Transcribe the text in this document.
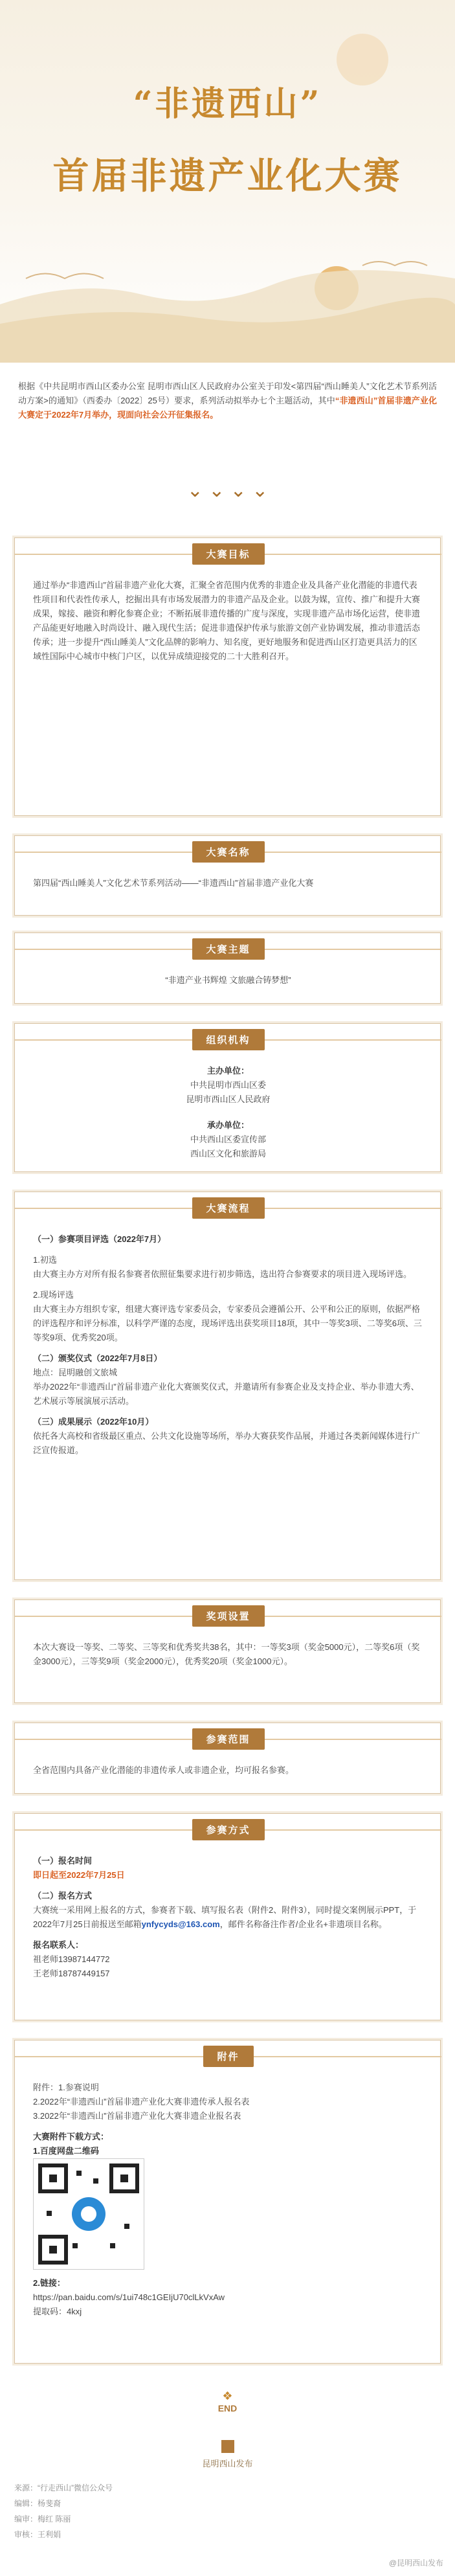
“非遗西山”
首届非遗产业化大赛
根据《中共昆明市西山区委办公室 昆明市西山区人民政府办公室关于印发<第四届“西山睡美人”文化艺术节系列活动方案>的通知》（西委办〔2022〕25号）要求，系列活动拟举办七个主题活动，其中“非遗西山”首届非遗产业化大赛定于2022年7月举办，现面向社会公开征集报名。
⌄ ⌄ ⌄ ⌄
大赛目标
通过举办“非遗西山”首届非遗产业化大赛，汇聚全省范围内优秀的非遗企业及具备产业化潜能的非遗代表性项目和代表性传承人，挖掘出具有市场发展潜力的非遗产品及企业。以鼓为媒，宣传、推广和提升大赛成果，嫁接、融资和孵化参赛企业；不断拓展非遗传播的广度与深度，实现非遗产品市场化运营，使非遗产品能更好地融入时尚设计、融入现代生活；促进非遗保护传承与旅游文创产业协调发展，推动非遗活态传承；进一步提升“西山睡美人”文化品牌的影响力、知名度，更好地服务和促进西山区打造更具活力的区域性国际中心城市中核门户区，以优异成绩迎接党的二十大胜利召开。
大赛名称
第四届“西山睡美人”文化艺术节系列活动——“非遗西山”首届非遗产业化大赛
大赛主题
“非遗产业书辉煌 文旅融合铸梦想”
组织机构
主办单位：
中共昆明市西山区委
昆明市西山区人民政府
承办单位：
中共西山区委宣传部
西山区文化和旅游局
大赛流程
（一）参赛项目评选（2022年7月）
1.初选
由大赛主办方对所有报名参赛者依照征集要求进行初步筛选，选出符合参赛要求的项目进入现场评选。
2.现场评选
由大赛主办方组织专家，组建大赛评选专家委员会，专家委员会遵循公开、公平和公正的原则，依据严格的评选程序和评分标准，以科学严谨的态度，现场评选出获奖项目18项，其中一等奖3项、二等奖6项、三等奖9项、优秀奖20项。
（二）颁奖仪式（2022年7月8日）
地点：昆明融创文旅城
举办2022年“非遗西山”首届非遗产业化大赛颁奖仪式，并邀请所有参赛企业及支持企业、举办非遗大秀、艺术展示等展演展示活动。
（三）成果展示（2022年10月）
依托各大高校和省级最区重点、公共文化设施等场所，举办大赛获奖作品展，并通过各类新闻媒体进行广泛宣传报道。
奖项设置
本次大赛设一等奖、二等奖、三等奖和优秀奖共38名，其中：一等奖3项（奖金5000元），二等奖6项（奖金3000元），三等奖9项（奖金2000元），优秀奖20项（奖金1000元）。
参赛范围
全省范围内具备产业化潜能的非遗传承人或非遗企业，均可报名参赛。
参赛方式
（一）报名时间
即日起至2022年7月25日
（二）报名方式
大赛统一采用网上报名的方式，参赛者下载、填写报名表（附件2、附件3），同时提交案例展示PPT，于2022年7月25日前报送至邮箱ynfycyds@163.com，邮件名称备注作者/企业名+非遗项目名称。
报名联系人：
祖老师13987144772
王老师18787449157
附件
附件：1.参赛说明
2.2022年“非遗西山”首届非遗产业化大赛非遗传承人报名表
3.2022年“非遗西山”首届非遗产业化大赛非遗企业报名表
大赛附件下载方式：
1.百度网盘二维码
2.链接：
https://pan.baidu.com/s/1ui748c1GEIjU70clLkVxAw
提取码：4kxj
❖
END

昆明西山发布
来源：“行走西山”微信公众号
编辑：杨斐裔
编审：梅红 陈丽
审核：王利娟
@昆明西山发布
